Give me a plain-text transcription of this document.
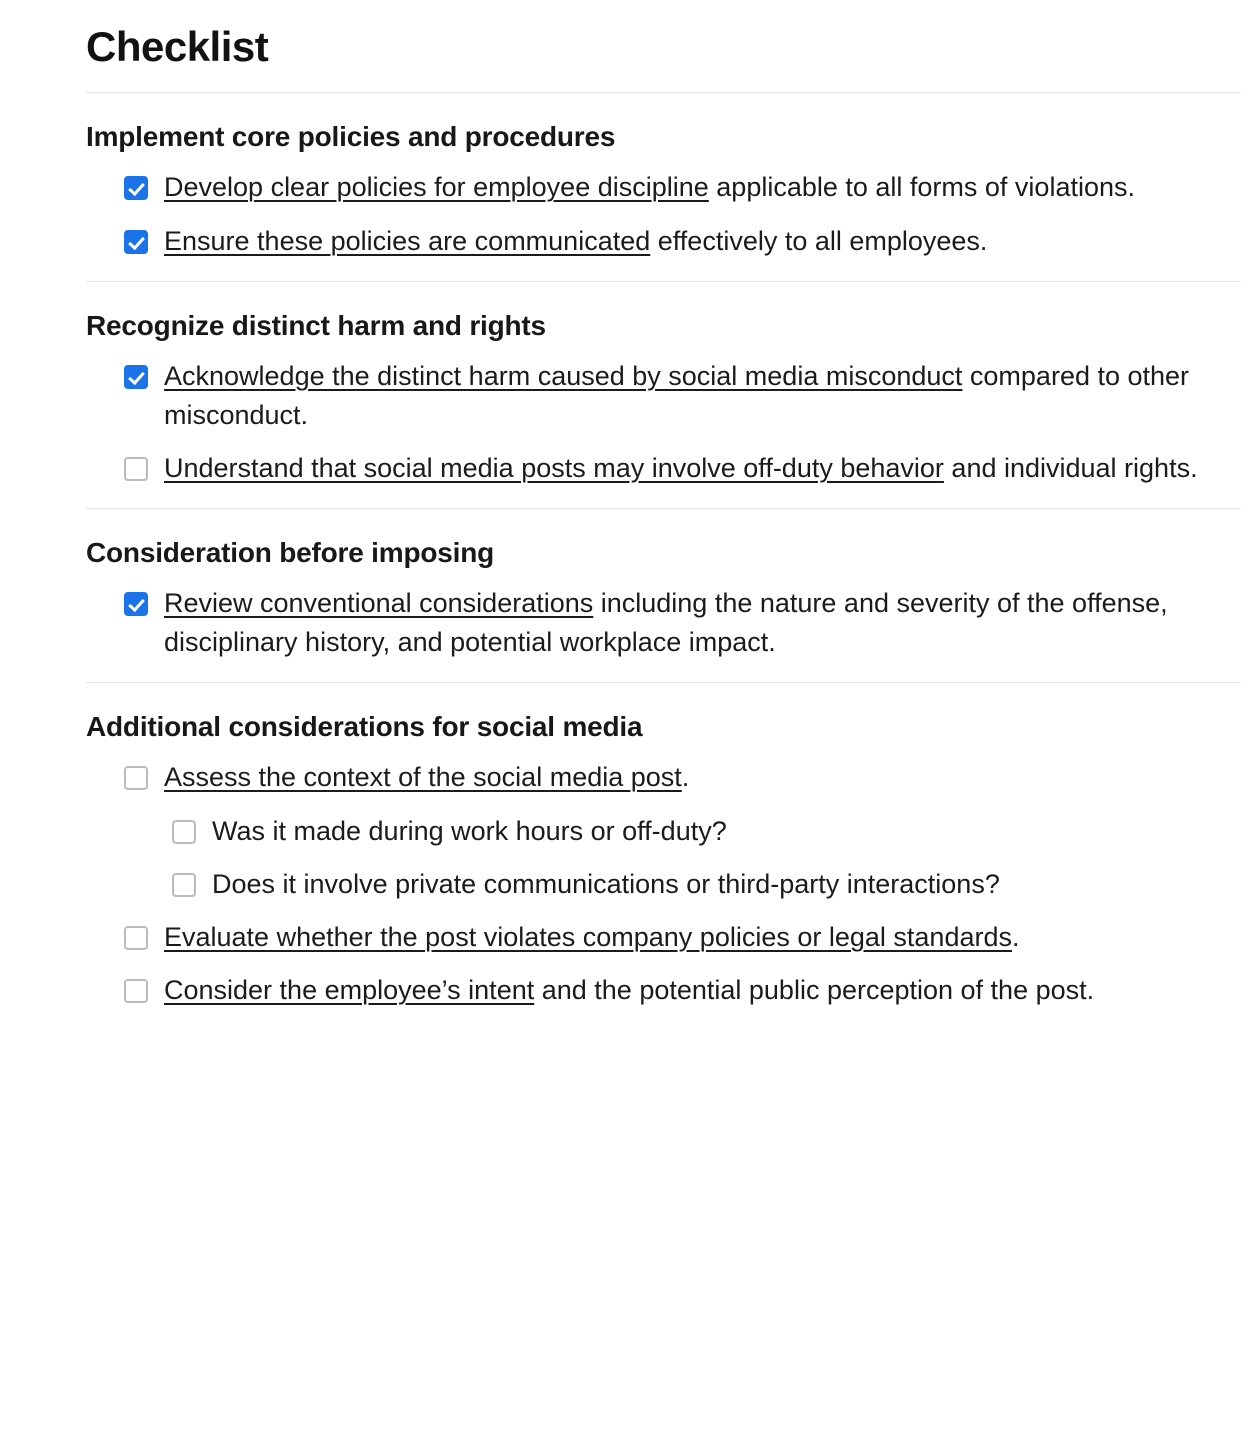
Checklist
Implement core policies and procedures
Develop clear policies for employee discipline applicable to all forms of violations.
Ensure these policies are communicated effectively to all employees.
Recognize distinct harm and rights
Acknowledge the distinct harm caused by social media misconduct compared to other misconduct.
Understand that social media posts may involve off-duty behavior and individual rights.
Consideration before imposing
Review conventional considerations including the nature and severity of the offense, disciplinary history, and potential workplace impact.
Additional considerations for social media
Assess the context of the social media post.
Was it made during work hours or off-duty?
Does it involve private communications or third-party interactions?
Evaluate whether the post violates company policies or legal standards.
Consider the employee’s intent and the potential public perception of the post.
